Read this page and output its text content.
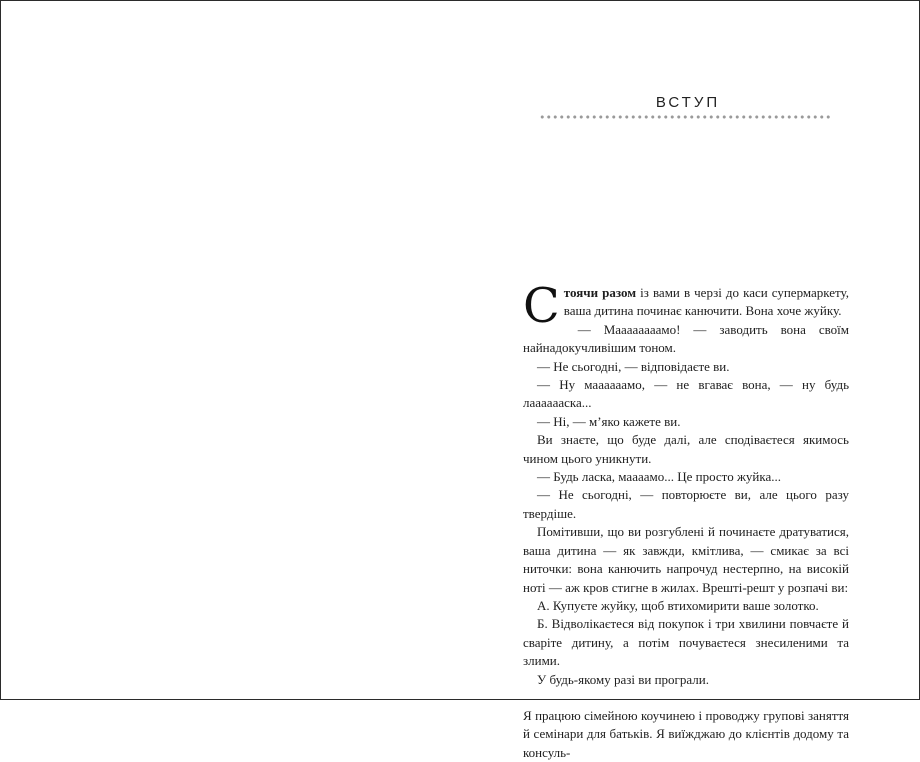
ВСТУП

Стоячи разом із вами в черзі до каси супермаркету, ваша дитина починає канючити. Вона хоче жуйку.

— Маааааааамо! — заводить вона своїм найнадокучливішим тоном.

— Не сьогодні, — відповідаєте ви.

— Ну маааааамо, — не вгаває вона, — ну будь лааааааска...

— Ні, — м’яко кажете ви.

Ви знаєте, що буде далі, але сподіваєтеся якимось чином цього уникнути.

— Будь ласка, маааамо... Це просто жуйка...

— Не сьогодні, — повторюєте ви, але цього разу твердіше.

Помітивши, що ви розгублені й починаєте дратуватися, ваша дитина — як завжди, кмітлива, — смикає за всі ниточки: вона канючить напрочуд нестерпно, на високій ноті — аж кров стигне в жилах. Врешті-решт у розпачі ви:

А. Купуєте жуйку, щоб втихомирити ваше золотко.

Б. Відволікаєтеся від покупок і три хвилини повчаєте й сваріте дитину, а потім почуваєтеся знесиленими та злими.

У будь-якому разі ви програли.

Я працюю сімейною коучинею і проводжу групові заняття й семінари для батьків. Я виїжджаю до клієнтів додому та консуль-
